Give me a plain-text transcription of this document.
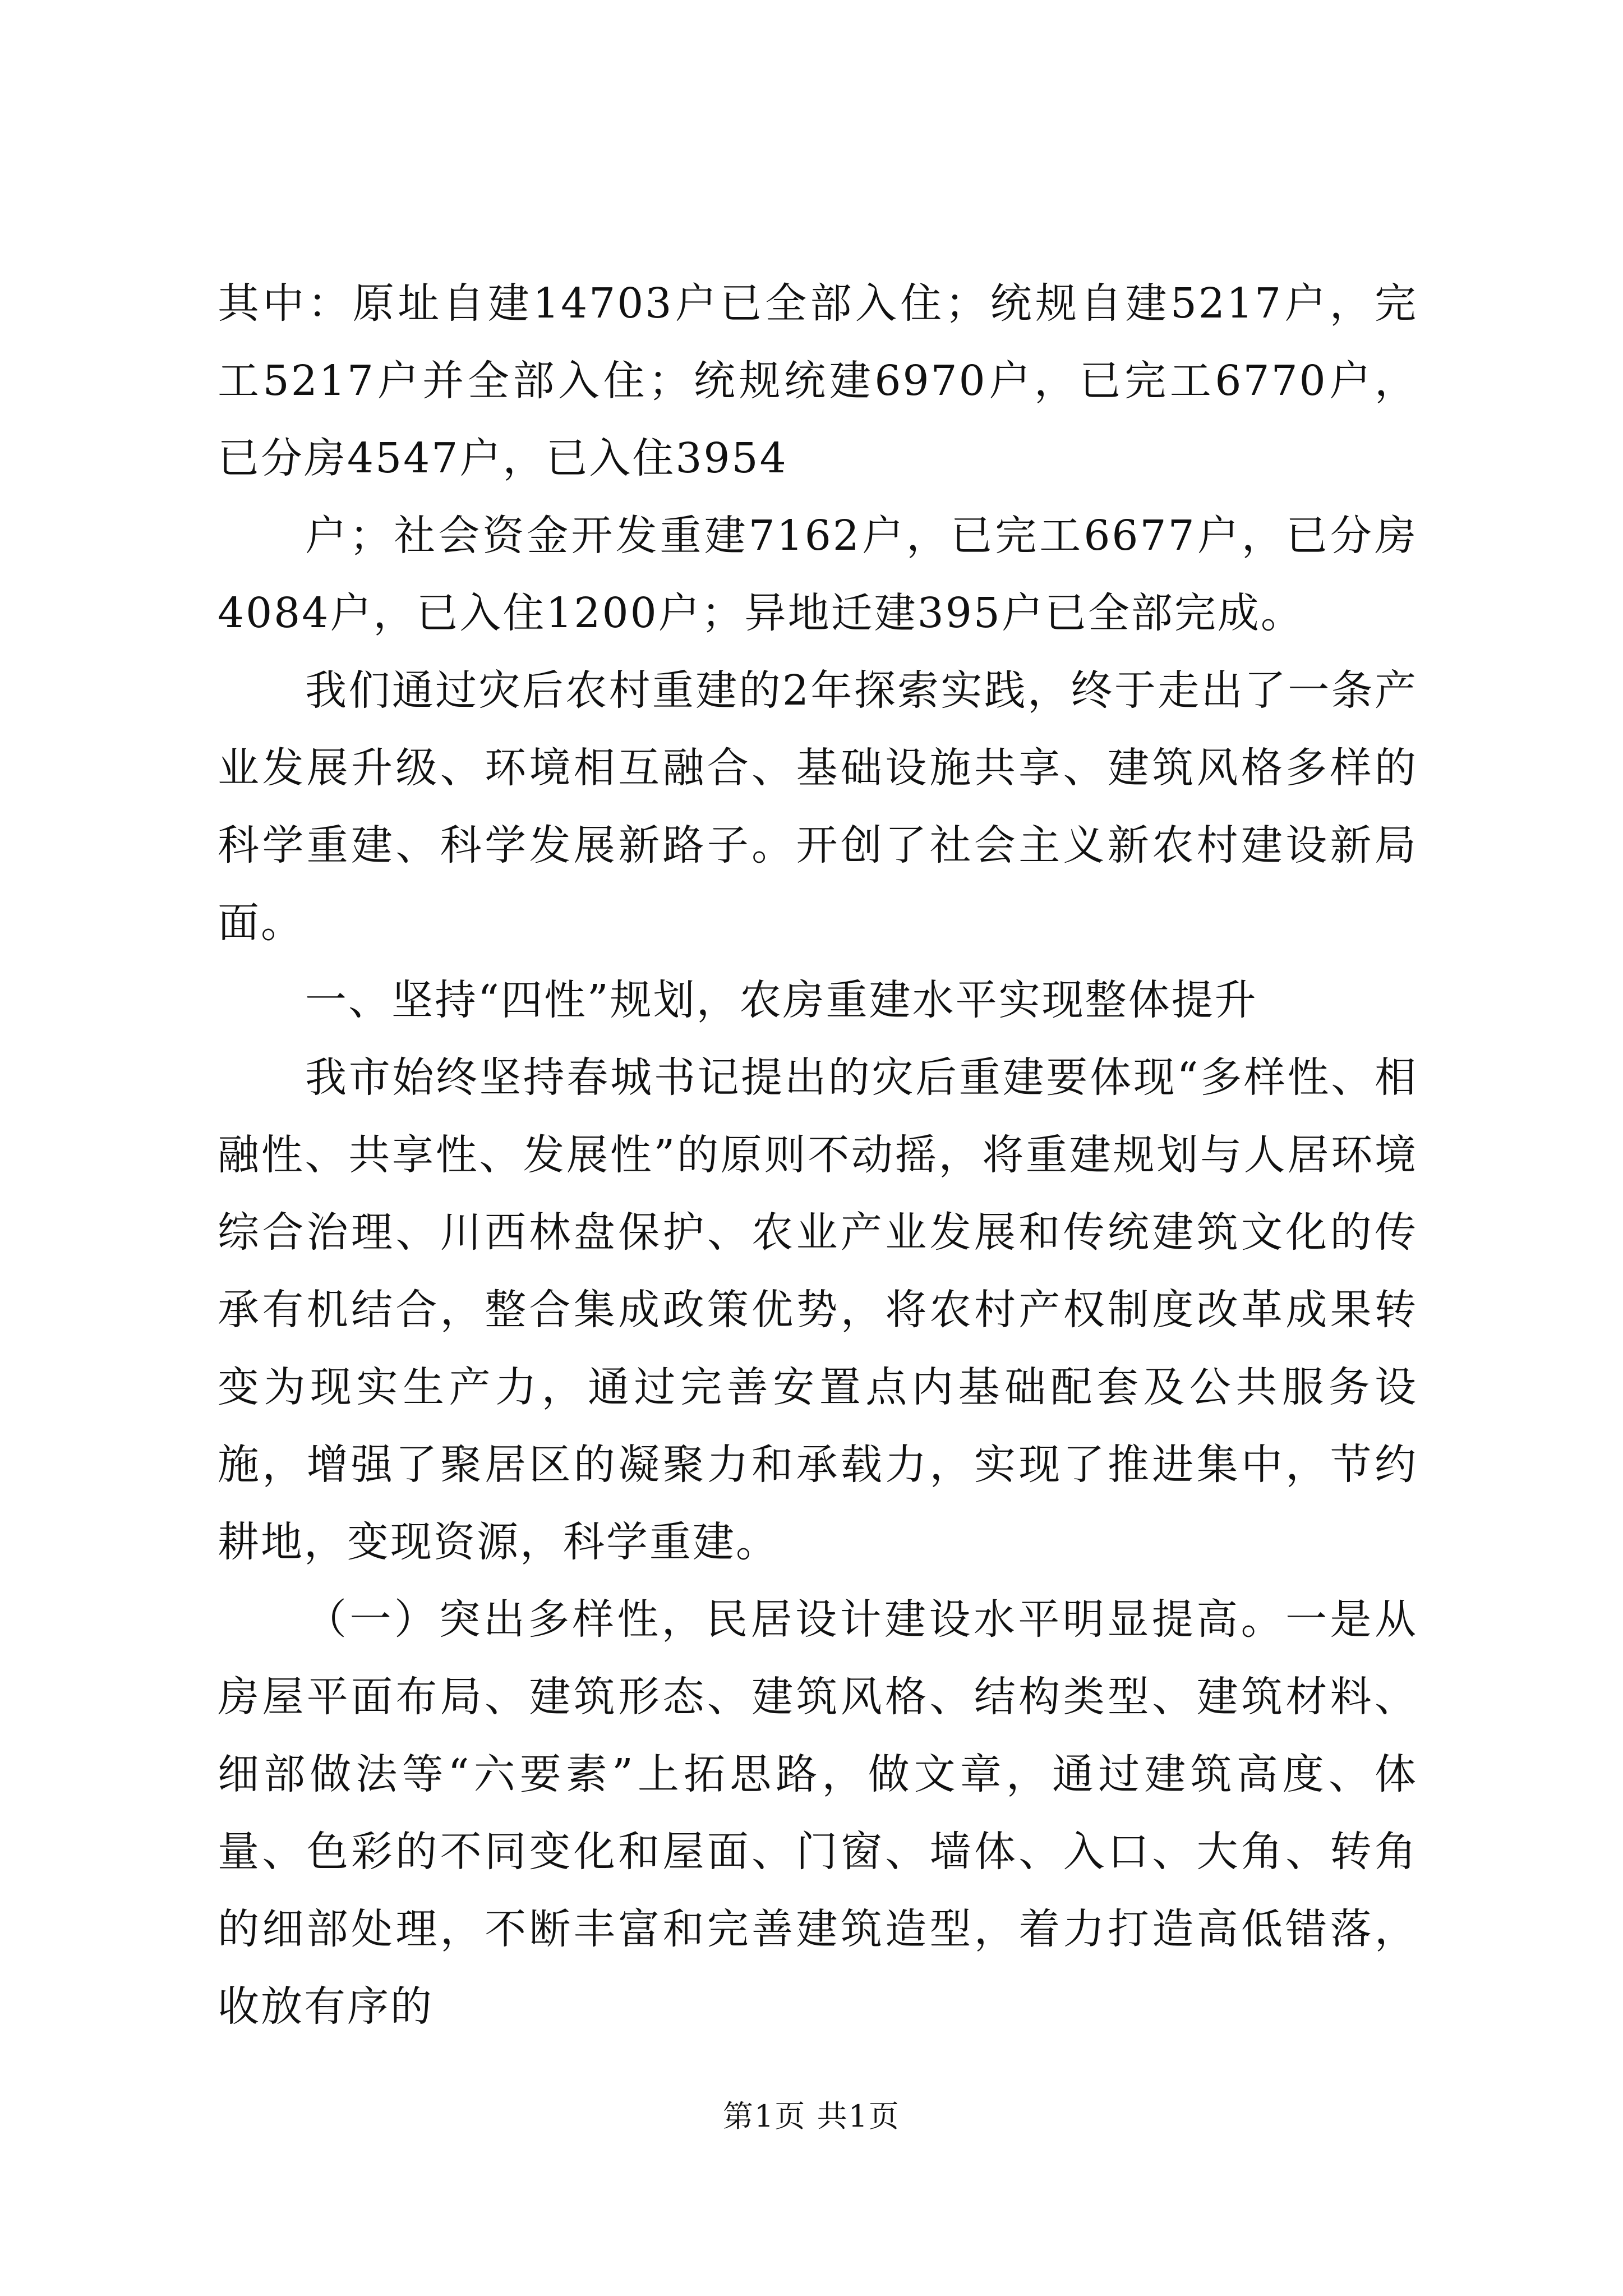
其中：原址自建14703户已全部入住；统规自建5217户，完工5217户并全部入住；统规统建6970户，已完工6770户，已分房4547户，已入住3954

户；社会资金开发重建7162户，已完工6677户，已分房4084户，已入住1200户；异地迁建395户已全部完成。

我们通过灾后农村重建的2年探索实践，终于走出了一条产业发展升级、环境相互融合、基础设施共享、建筑风格多样的科学重建、科学发展新路子。开创了社会主义新农村建设新局面。

一、坚持“四性”规划，农房重建水平实现整体提升

我市始终坚持春城书记提出的灾后重建要体现“多样性、相融性、共享性、发展性”的原则不动摇，将重建规划与人居环境综合治理、川西林盘保护、农业产业发展和传统建筑文化的传承有机结合，整合集成政策优势，将农村产权制度改革成果转变为现实生产力，通过完善安置点内基础配套及公共服务设施，增强了聚居区的凝聚力和承载力，实现了推进集中，节约耕地，变现资源，科学重建。

（一）突出多样性，民居设计建设水平明显提高。一是从房屋平面布局、建筑形态、建筑风格、结构类型、建筑材料、细部做法等“六要素”上拓思路，做文章，通过建筑高度、体量、色彩的不同变化和屋面、门窗、墙体、入口、大角、转角的细部处理，不断丰富和完善建筑造型，着力打造高低错落，收放有序的

第1页 共1页
